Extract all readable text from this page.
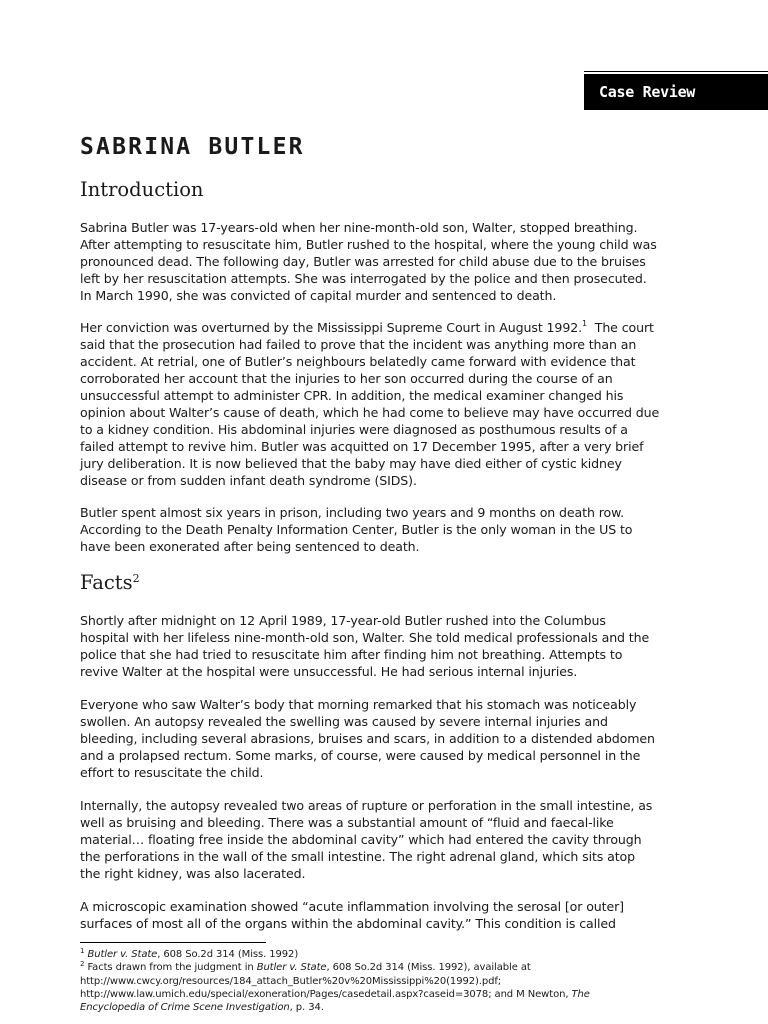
Case Review
SABRINA BUTLER
Introduction
Sabrina Butler was 17-years-old when her nine-month-old son, Walter, stopped breathing.
After attempting to resuscitate him, Butler rushed to the hospital, where the young child was
pronounced dead. The following day, Butler was arrested for child abuse due to the bruises
left by her resuscitation attempts. She was interrogated by the police and then prosecuted.
In March 1990, she was convicted of capital murder and sentenced to death.
Her conviction was overturned by the Mississippi Supreme Court in August 1992.$^1$  The court
said that the prosecution had failed to prove that the incident was anything more than an
accident. At retrial, one of Butler’s neighbours belatedly came forward with evidence that
corroborated her account that the injuries to her son occurred during the course of an
unsuccessful attempt to administer CPR. In addition, the medical examiner changed his
opinion about Walter’s cause of death, which he had come to believe may have occurred due
to a kidney condition. His abdominal injuries were diagnosed as posthumous results of a
failed attempt to revive him. Butler was acquitted on 17 December 1995, after a very brief
jury deliberation. It is now believed that the baby may have died either of cystic kidney
disease or from sudden infant death syndrome (SIDS).
Butler spent almost six years in prison, including two years and 9 months on death row.
According to the Death Penalty Information Center, Butler is the only woman in the US to
have been exonerated after being sentenced to death.
Facts$^2$
Shortly after midnight on 12 April 1989, 17-year-old Butler rushed into the Columbus
hospital with her lifeless nine-month-old son, Walter. She told medical professionals and the
police that she had tried to resuscitate him after finding him not breathing. Attempts to
revive Walter at the hospital were unsuccessful. He had serious internal injuries.
Everyone who saw Walter’s body that morning remarked that his stomach was noticeably
swollen. An autopsy revealed the swelling was caused by severe internal injuries and
bleeding, including several abrasions, bruises and scars, in addition to a distended abdomen
and a prolapsed rectum. Some marks, of course, were caused by medical personnel in the
effort to resuscitate the child.
Internally, the autopsy revealed two areas of rupture or perforation in the small intestine, as
well as bruising and bleeding. There was a substantial amount of “fluid and faecal-like
material… floating free inside the abdominal cavity” which had entered the cavity through
the perforations in the wall of the small intestine. The right adrenal gland, which sits atop
the right kidney, was also lacerated.
A microscopic examination showed “acute inflammation involving the serosal [or outer]
surfaces of most all of the organs within the abdominal cavity.” This condition is called
$^1$ Butler v. State, 608 So.2d 314 (Miss. 1992)
$^2$ Facts drawn from the judgment in Butler v. State, 608 So.2d 314 (Miss. 1992), available at
http://www.cwcy.org/resources/184_attach_Butler%20v%20Mississippi%20(1992).pdf;
http://www.law.umich.edu/special/exoneration/Pages/casedetail.aspx?caseid=3078; and M Newton, The
Encyclopedia of Crime Scene Investigation, p. 34.
